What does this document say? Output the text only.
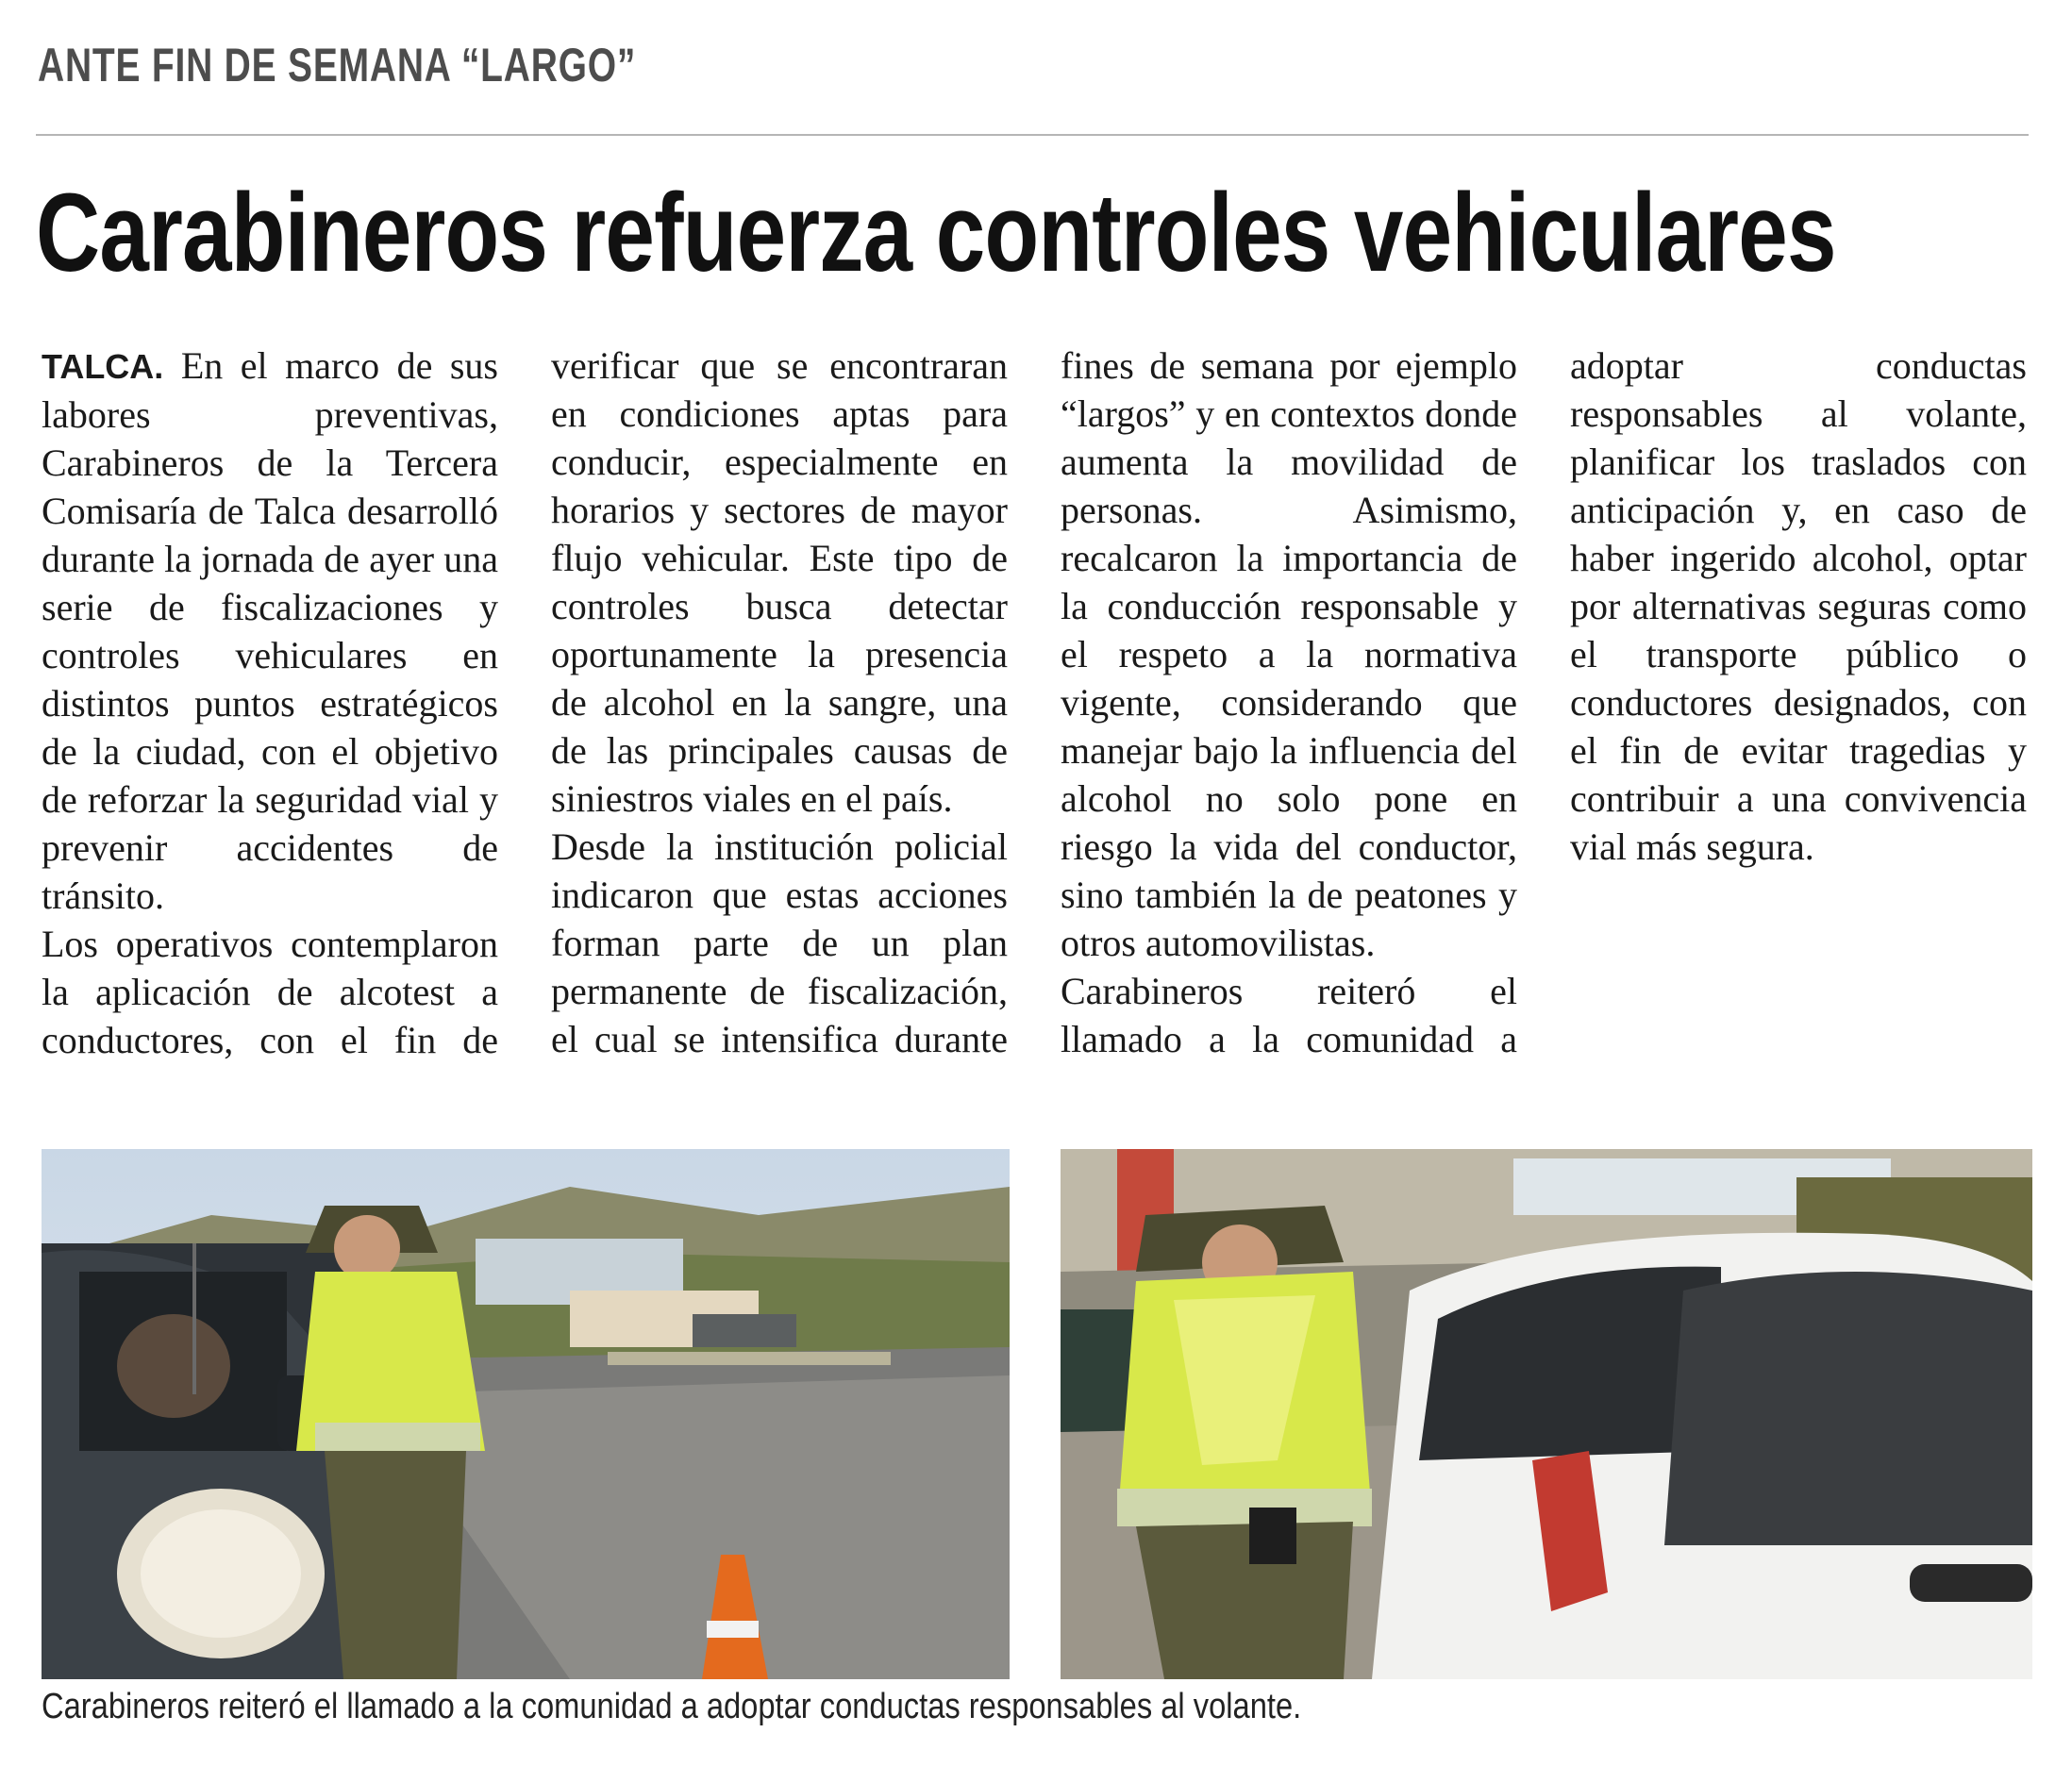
ANTE FIN DE SEMANA “LARGO”
Carabineros refuerza controles vehiculares

TALCA. En el marco de sus labores preventivas, Carabineros de la Tercera Comisaría de Talca desarrolló durante la jornada de ayer una serie de fiscalizaciones y controles vehiculares en distintos puntos estratégicos de la ciudad, con el objetivo de reforzar la seguridad vial y prevenir accidentes de tránsito.

Los operativos contemplaron la aplicación de alcotest a conductores, con el fin de verificar que se encontraran en condiciones aptas para conducir, especialmente en horarios y sectores de mayor flujo vehicular. Este tipo de controles busca detectar oportunamente la presencia de alcohol en la sangre, una de las principales causas de siniestros viales en el país.

Desde la institución policial indicaron que estas acciones forman parte de un plan permanente de fiscalización, el cual se intensifica durante fines de semana por ejemplo “largos” y en contextos donde aumenta la movilidad de personas. Asimismo, recalcaron la importancia de la conducción responsable y el respeto a la normativa vigente, considerando que manejar bajo la influencia del alcohol no solo pone en riesgo la vida del conductor, sino también la de peatones y otros automovilistas.

Carabineros reiteró el llamado a la comunidad a adoptar conductas responsables al volante, planificar los traslados con anticipación y, en caso de haber ingerido alcohol, optar por alternativas seguras como el transporte público o conductores designados, con el fin de evitar tragedias y contribuir a una convivencia vial más segura.

Carabineros reiteró el llamado a la comunidad a adoptar conductas responsables al volante.
